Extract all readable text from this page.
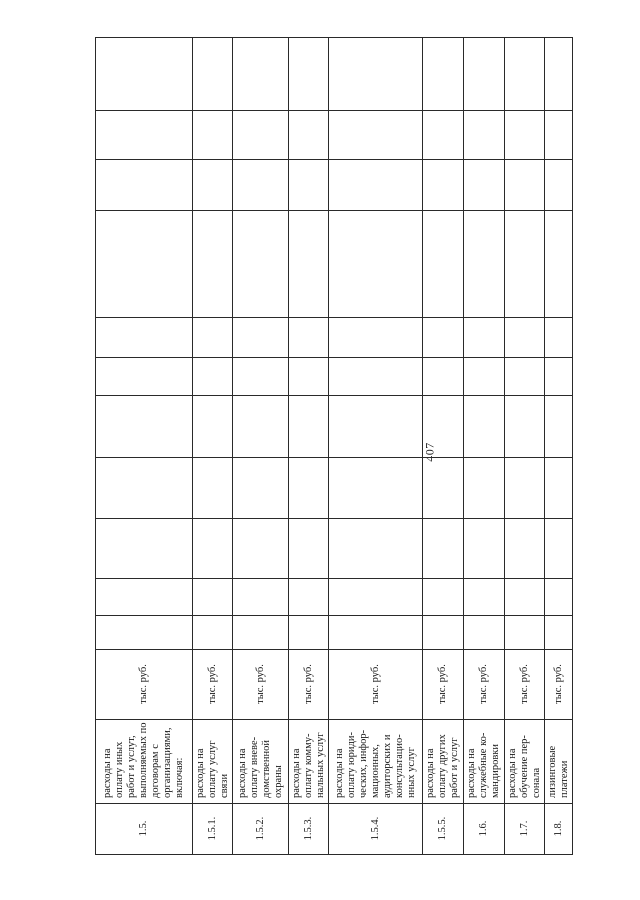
407
1.5.
расходы на оплату иных работ и услут, выполняемых по договорам с организациями, включая:
тыс. руб.
1.5.1.
расходы на оплату услуг связи
тыс. руб.
1.5.2.
расходы на оплату вневе-домственной охраны
тыс. руб.
1.5.3.
расходы на оплату комму-нальных услуг
тыс. руб.
1.5.4.
расходы на оплату юриди-ческих, инфор-мационных, аудиторских и консультацио-нных услуг
тыс. руб.
1.5.5.
расходы на оплату других работ и услуг
тыс. руб.
1.6.
расходы на служебные ко-мандировки
тыс. руб.
1.7.
расходы на обучение пер-сонала
тыс. руб.
1.8.
лизинговые платежи
тыс. руб.
